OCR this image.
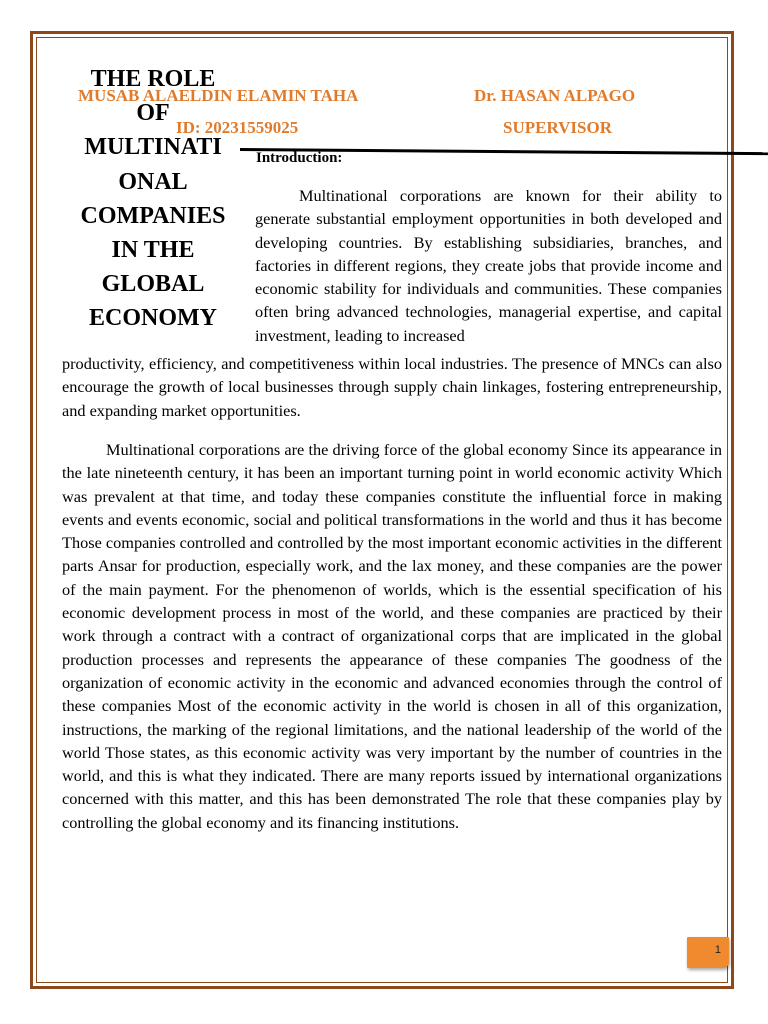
THE ROLE
OF
MULTINATI
ONAL
COMPANIES
IN THE
GLOBAL
ECONOMY
MUSAB ALAELDIN ELAMIN TAHA
ID: 20231559025
Dr. HASAN ALPAGO
SUPERVISOR
Introduction:
Multinational corporations are known for their ability to generate substantial employment opportunities in both developed and developing countries. By establishing subsidiaries, branches, and factories in different regions, they create jobs that provide income and economic stability for individuals and communities. These companies often bring advanced technologies, managerial expertise, and capital investment, leading to increased
productivity, efficiency, and competitiveness within local industries. The presence of MNCs can also encourage the growth of local businesses through supply chain linkages, fostering entrepreneurship, and expanding market opportunities.
Multinational corporations are the driving force of the global economy Since its appearance in the late nineteenth century, it has been an important turning point in world economic activity Which was prevalent at that time, and today these companies constitute the influential force in making events and events economic, social and political transformations in the world and thus it has become Those companies controlled and controlled by the most important economic activities in the different parts Ansar for production, especially work, and the lax money, and these companies are the power of the main payment. For the phenomenon of worlds, which is the essential specification of his economic development process in most of the world, and these companies are practiced by their work through a contract with a contract of organizational corps that are implicated in the global production processes and represents the appearance of these companies The goodness of the organization of economic activity in the economic and advanced economies through the control of these companies Most of the economic activity in the world is chosen in all of this organization, instructions, the marking of the regional limitations, and the national leadership of the world of the world Those states, as this economic activity was very important by the number of countries in the world, and this is what they indicated. There are many reports issued by international organizations concerned with this matter, and this has been demonstrated The role that these companies play by controlling the global economy and its financing institutions.
1
